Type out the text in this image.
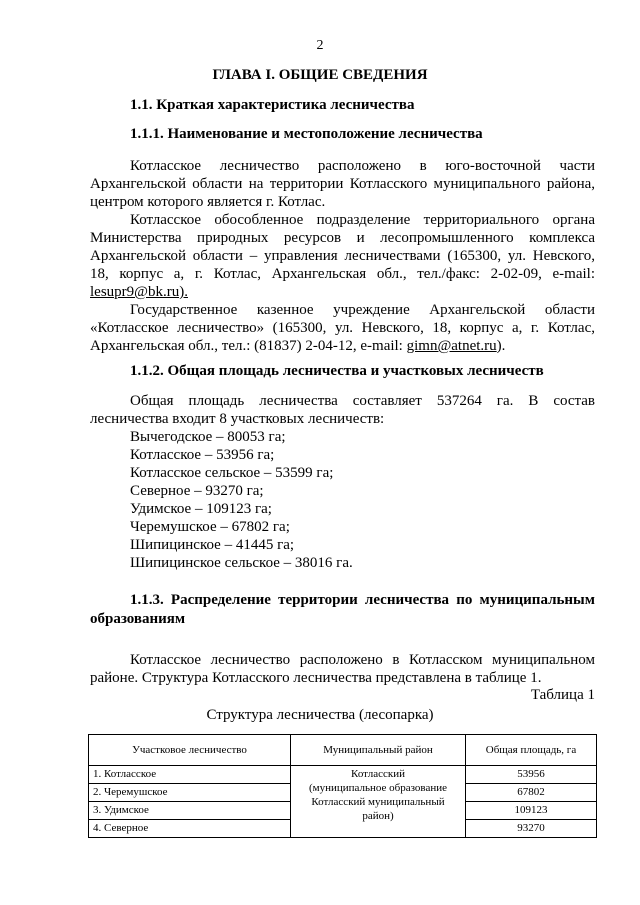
2
ГЛАВА I. ОБЩИЕ СВЕДЕНИЯ
1.1. Краткая характеристика лесничества
1.1.1. Наименование и местоположение лесничества
Котласское лесничество расположено в юго-восточной части
Архангельской области на территории Котласского муниципального района,
центром которого является г. Котлас.
Котласское обособленное подразделение территориального органа
Министерства природных ресурсов и лесопромышленного комплекса
Архангельской области – управления лесничествами (165300, ул. Невского,
18, корпус а, г. Котлас, Архангельская обл., тел./факс: 2-02-09, e-mail:
lesupr9@bk.ru).
Государственное казенное учреждение Архангельской области
«Котласское лесничество» (165300, ул. Невского, 18, корпус а, г. Котлас,
Архангельская обл., тел.: (81837) 2-04-12, e-mail: gimn@atnet.ru).
1.1.2. Общая площадь лесничества и участковых лесничеств
Общая площадь лесничества составляет 537264 га. В состав
лесничества входит 8 участковых лесничеств:
Вычегодское – 80053 га;
Котласское – 53956 га;
Котласское сельское – 53599 га;
Северное – 93270 га;
Удимское – 109123 га;
Черемушское – 67802 га;
Шипицинское – 41445 га;
Шипицинское сельское – 38016 га.
1.1.3. Распределение территории лесничества по муниципальным
образованиям
Котласское лесничество расположено в Котласском муниципальном
районе. Структура Котласского лесничества представлена в таблице 1.
Таблица 1
Структура лесничества (лесопарка)
Участковое лесничество	Муниципальный район	Общая площадь, га
1. Котласское	Котласский
(муниципальное образование
Котласский муниципальный
район)	53956
2. Черемушское		67802
3. Удимское		109123
4. Северное		93270
